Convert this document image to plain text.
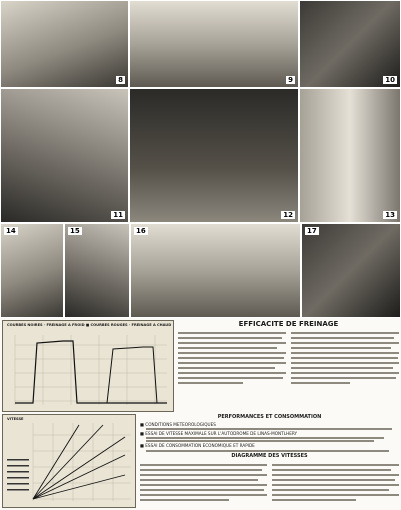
8	9	10
11	12	13
14	15	16	17
COURBES NOIRES · FREINAGE A FROID ■ COURBES ROUGES · FREINAGE A CHAUD	EFFICACITE DE FREINAGE
PERFORMANCES ET CONSOMMATION
■ CONDITIONS METEOROLOGIQUES
■ ESSAI DE VITESSE MAXIMALE SUR L'AUTODROME DE LINAS-MONTLHERY
■ ESSAI DE CONSOMMATION ECONOMIQUE ET RAPIDE
VITESSE
DIAGRAMME DES VITESSES
